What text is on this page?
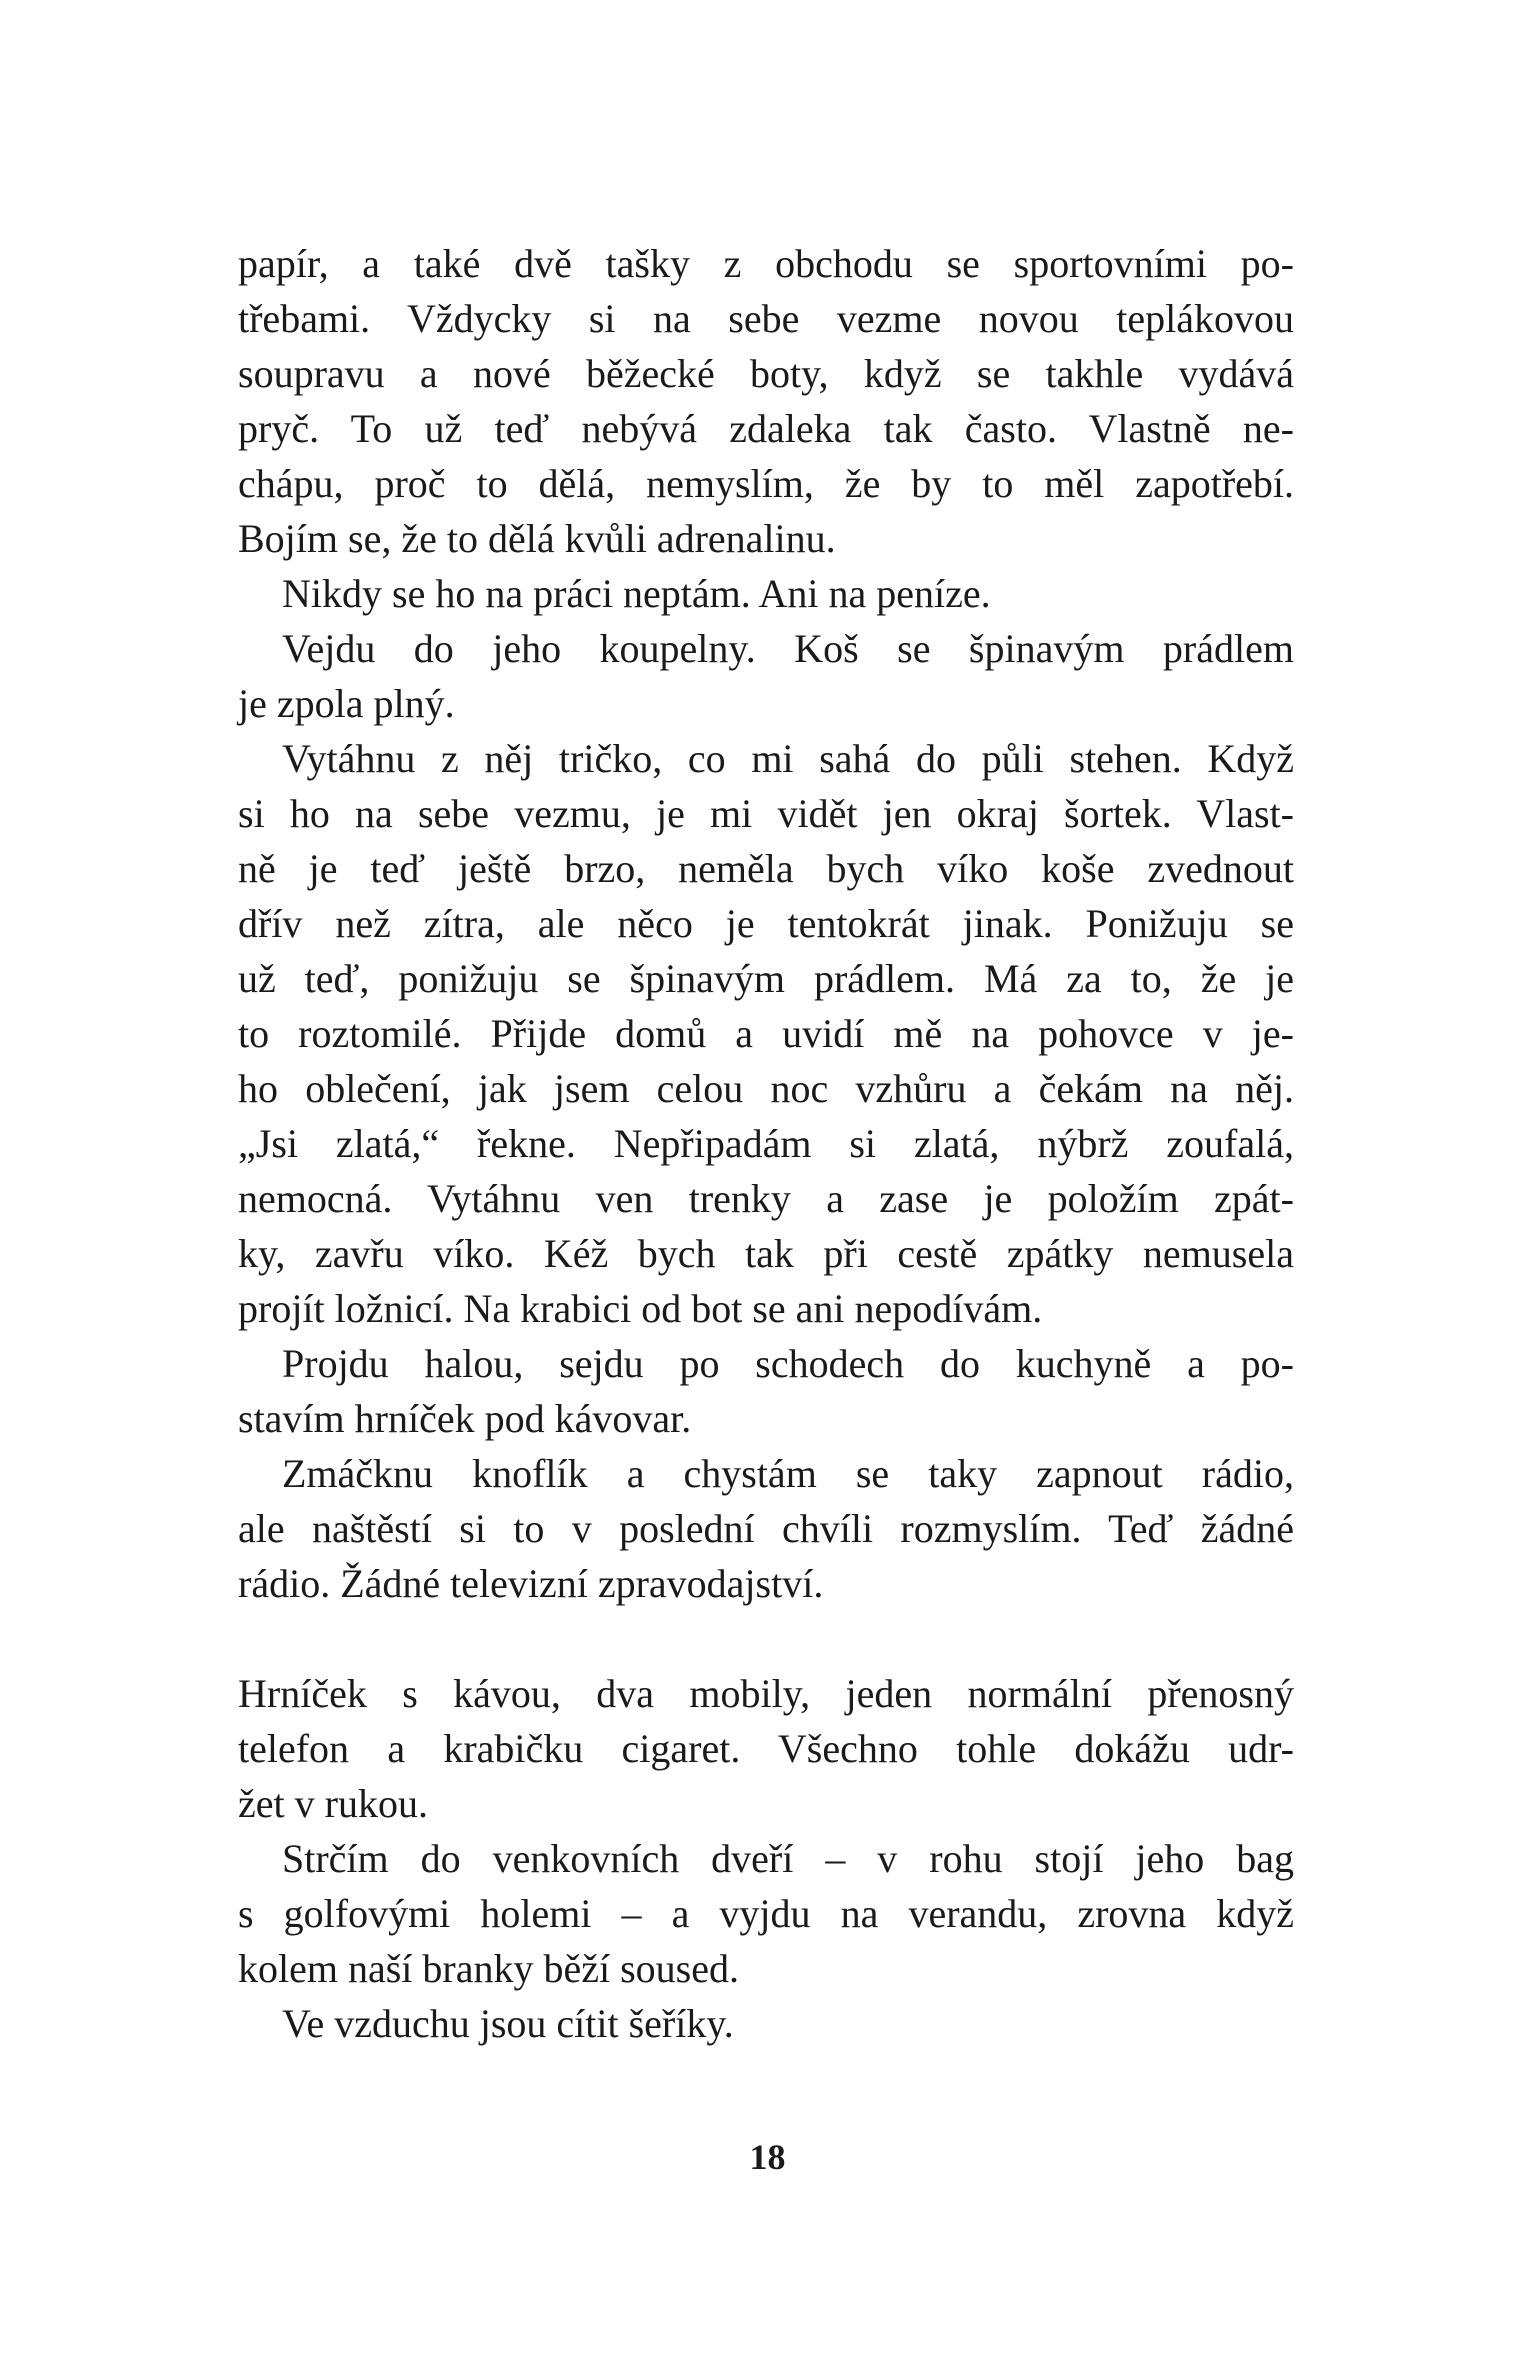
papír, a také dvě tašky z obchodu se sportovními po-
třebami. Vždycky si na sebe vezme novou teplákovou
soupravu a nové běžecké boty, když se takhle vydává
pryč. To už teď nebývá zdaleka tak často. Vlastně ne-
chápu, proč to dělá, nemyslím, že by to měl zapotřebí.
Bojím se, že to dělá kvůli adrenalinu.
Nikdy se ho na práci neptám. Ani na peníze.
Vejdu do jeho koupelny. Koš se špinavým prádlem
je zpola plný.
Vytáhnu z něj tričko, co mi sahá do půli stehen. Když
si ho na sebe vezmu, je mi vidět jen okraj šortek. Vlast-
ně je teď ještě brzo, neměla bych víko koše zvednout
dřív než zítra, ale něco je tentokrát jinak. Ponižuju se
už teď, ponižuju se špinavým prádlem. Má za to, že je
to roztomilé. Přijde domů a uvidí mě na pohovce v je-
ho oblečení, jak jsem celou noc vzhůru a čekám na něj.
„Jsi zlatá,“ řekne. Nepřipadám si zlatá, nýbrž zoufalá,
nemocná. Vytáhnu ven trenky a zase je položím zpát-
ky, zavřu víko. Kéž bych tak při cestě zpátky nemusela
projít ložnicí. Na krabici od bot se ani nepodívám.
Projdu halou, sejdu po schodech do kuchyně a po-
stavím hrníček pod kávovar.
Zmáčknu knoflík a chystám se taky zapnout rádio,
ale naštěstí si to v poslední chvíli rozmyslím. Teď žádné
rádio. Žádné televizní zpravodajství.
Hrníček s kávou, dva mobily, jeden normální přenosný
telefon a krabičku cigaret. Všechno tohle dokážu udr-
žet v rukou.
Strčím do venkovních dveří – v rohu stojí jeho bag
s golfovými holemi – a vyjdu na verandu, zrovna když
kolem naší branky běží soused.
Ve vzduchu jsou cítit šeříky.
18
